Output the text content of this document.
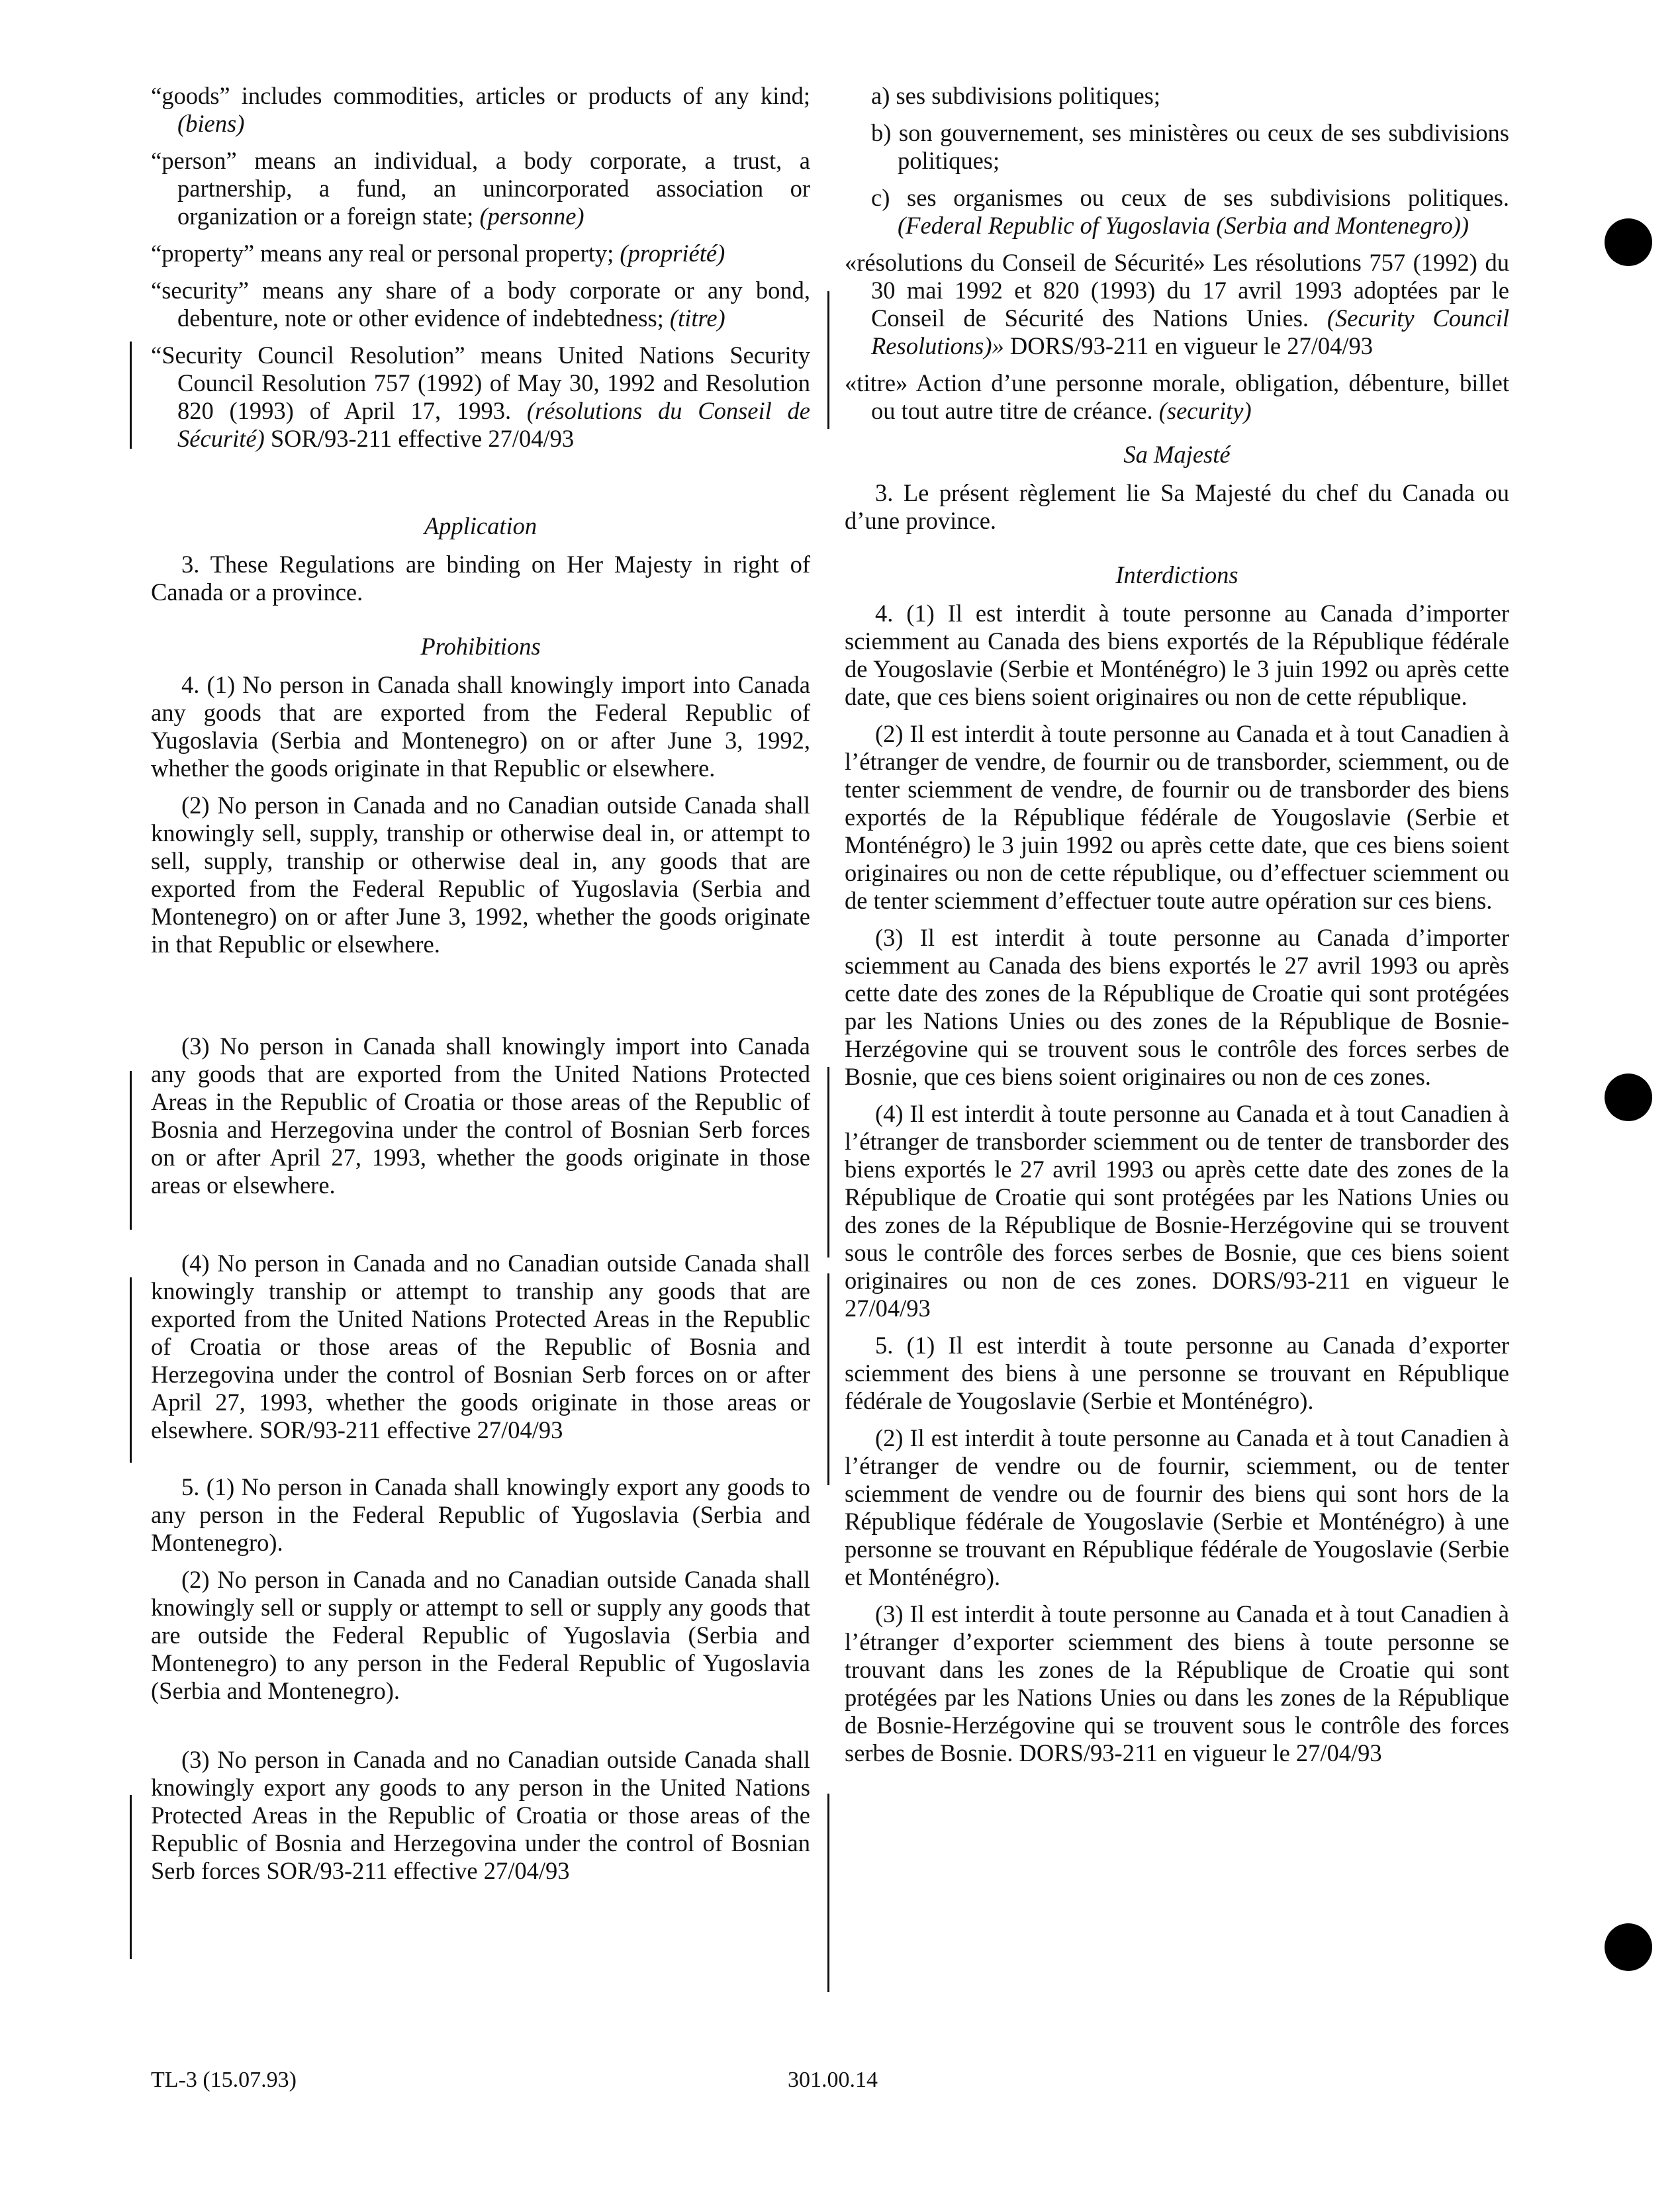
“goods” includes commodities, articles or products of any kind; (biens)

“person” means an individual, a body corporate, a trust, a partnership, a fund, an unincorporated association or organization or a foreign state; (personne)

“property” means any real or personal property; (propriété)

“security” means any share of a body corporate or any bond, debenture, note or other evidence of indebtedness; (titre)

“Security Council Resolution” means United Nations Security Council Resolution 757 (1992) of May 30, 1992 and Resolution 820 (1993) of April 17, 1993. (résolutions du Conseil de Sécurité) SOR/93-211 effective 27/04/93

Application

3. These Regulations are binding on Her Majesty in right of Canada or a province.

Prohibitions

4. (1) No person in Canada shall knowingly import into Canada any goods that are exported from the Federal Republic of Yugoslavia (Serbia and Montenegro) on or after June 3, 1992, whether the goods originate in that Republic or elsewhere.

(2) No person in Canada and no Canadian outside Canada shall knowingly sell, supply, tranship or otherwise deal in, or attempt to sell, supply, tranship or otherwise deal in, any goods that are exported from the Federal Republic of Yugoslavia (Serbia and Montenegro) on or after June 3, 1992, whether the goods originate in that Republic or elsewhere.

(3) No person in Canada shall knowingly import into Canada any goods that are exported from the United Nations Protected Areas in the Republic of Croatia or those areas of the Republic of Bosnia and Herzegovina under the control of Bosnian Serb forces on or after April 27, 1993, whether the goods originate in those areas or elsewhere.

(4) No person in Canada and no Canadian outside Canada shall knowingly tranship or attempt to tranship any goods that are exported from the United Nations Protected Areas in the Republic of Croatia or those areas of the Republic of Bosnia and Herzegovina under the control of Bosnian Serb forces on or after April 27, 1993, whether the goods originate in those areas or elsewhere. SOR/93-211 effective 27/04/93

5. (1) No person in Canada shall knowingly export any goods to any person in the Federal Republic of Yugoslavia (Serbia and Montenegro).

(2) No person in Canada and no Canadian outside Canada shall knowingly sell or supply or attempt to sell or supply any goods that are outside the Federal Republic of Yugoslavia (Serbia and Montenegro) to any person in the Federal Republic of Yugoslavia (Serbia and Montenegro).

(3) No person in Canada and no Canadian outside Canada shall knowingly export any goods to any person in the United Nations Protected Areas in the Republic of Croatia or those areas of the Republic of Bosnia and Herzegovina under the control of Bosnian Serb forces SOR/93-211 effective 27/04/93

a) ses subdivisions politiques;

b) son gouvernement, ses ministères ou ceux de ses subdivisions politiques;

c) ses organismes ou ceux de ses subdivisions politiques. (Federal Republic of Yugoslavia (Serbia and Montenegro))

«résolutions du Conseil de Sécurité» Les résolutions 757 (1992) du 30 mai 1992 et 820 (1993) du 17 avril 1993 adoptées par le Conseil de Sécurité des Nations Unies. (Security Council Resolutions)» DORS/93-211 en vigueur le 27/04/93

«titre» Action d’une personne morale, obligation, débenture, billet ou tout autre titre de créance. (security)

Sa Majesté

3. Le présent règlement lie Sa Majesté du chef du Canada ou d’une province.

Interdictions

4. (1) Il est interdit à toute personne au Canada d’importer sciemment au Canada des biens exportés de la République fédérale de Yougoslavie (Serbie et Monténégro) le 3 juin 1992 ou après cette date, que ces biens soient originaires ou non de cette république.

(2) Il est interdit à toute personne au Canada et à tout Canadien à l’étranger de vendre, de fournir ou de transborder, sciemment, ou de tenter sciemment de vendre, de fournir ou de transborder des biens exportés de la République fédérale de Yougoslavie (Serbie et Monténégro) le 3 juin 1992 ou après cette date, que ces biens soient originaires ou non de cette république, ou d’effectuer sciemment ou de tenter sciemment d’effectuer toute autre opération sur ces biens.

(3) Il est interdit à toute personne au Canada d’importer sciemment au Canada des biens exportés le 27 avril 1993 ou après cette date des zones de la République de Croatie qui sont protégées par les Nations Unies ou des zones de la République de Bosnie-Herzégovine qui se trouvent sous le contrôle des forces serbes de Bosnie, que ces biens soient originaires ou non de ces zones.

(4) Il est interdit à toute personne au Canada et à tout Canadien à l’étranger de transborder sciemment ou de tenter de transborder des biens exportés le 27 avril 1993 ou après cette date des zones de la République de Croatie qui sont protégées par les Nations Unies ou des zones de la République de Bosnie-Herzégovine qui se trouvent sous le contrôle des forces serbes de Bosnie, que ces biens soient originaires ou non de ces zones. DORS/93-211 en vigueur le 27/04/93

5. (1) Il est interdit à toute personne au Canada d’exporter sciemment des biens à une personne se trouvant en République fédérale de Yougoslavie (Serbie et Monténégro).

(2) Il est interdit à toute personne au Canada et à tout Canadien à l’étranger de vendre ou de fournir, sciemment, ou de tenter sciemment de vendre ou de fournir des biens qui sont hors de la République fédérale de Yougoslavie (Serbie et Monténégro) à une personne se trouvant en République fédérale de Yougoslavie (Serbie et Monténégro).

(3) Il est interdit à toute personne au Canada et à tout Canadien à l’étranger d’exporter sciemment des biens à toute personne se trouvant dans les zones de la République de Croatie qui sont protégées par les Nations Unies ou dans les zones de la République de Bosnie-Herzégovine qui se trouvent sous le contrôle des forces serbes de Bosnie. DORS/93-211 en vigueur le 27/04/93

TL-3 (15.07.93)	301.00.14
